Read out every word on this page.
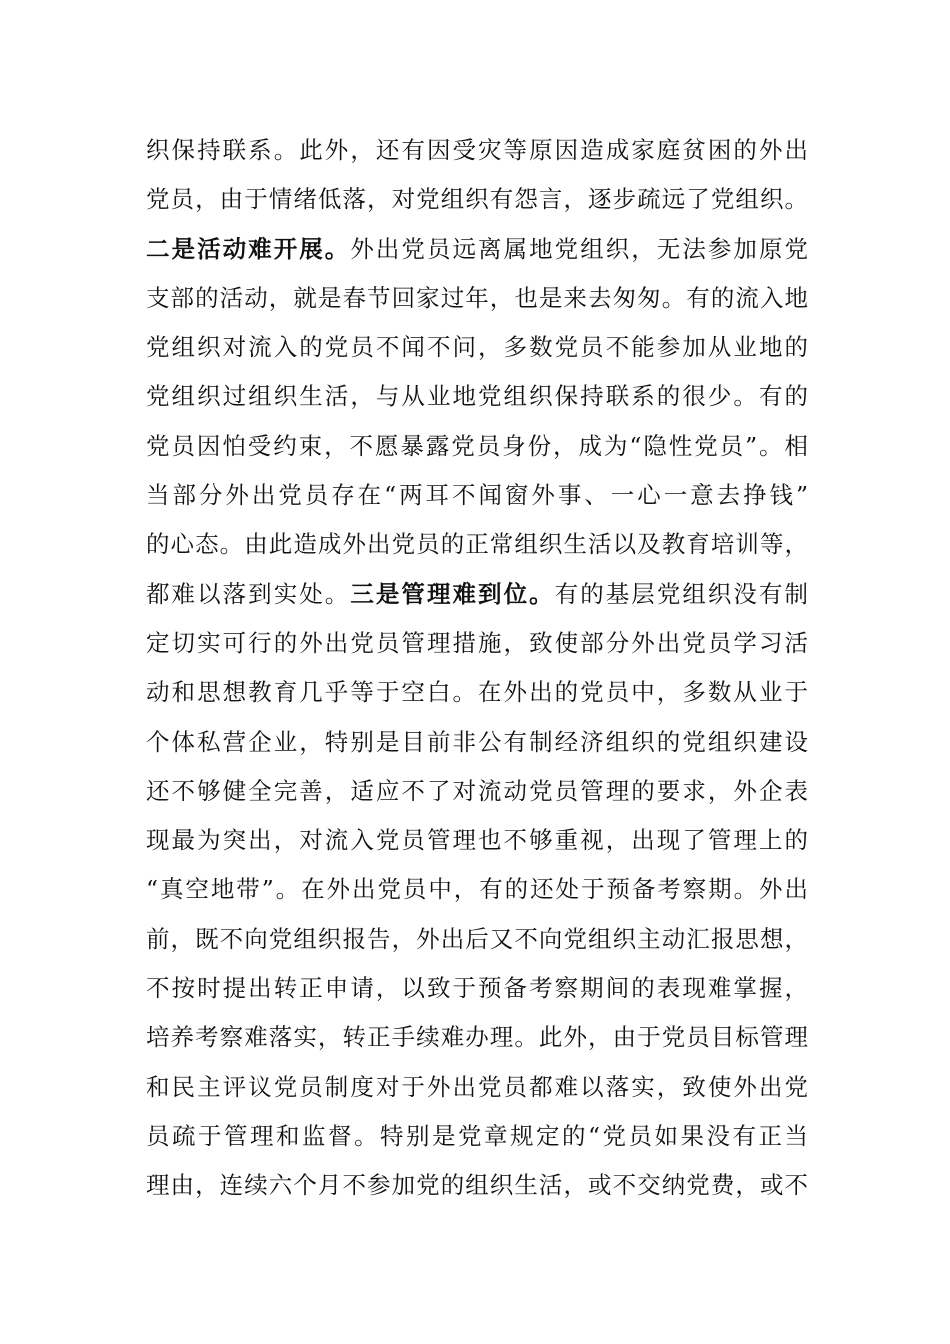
织保持联系。此外，还有因受灾等原因造成家庭贫困的外出
党员，由于情绪低落，对党组织有怨言，逐步疏远了党组织。
二是活动难开展。外出党员远离属地党组织，无法参加原党
支部的活动，就是春节回家过年，也是来去匆匆。有的流入地
党组织对流入的党员不闻不问，多数党员不能参加从业地的
党组织过组织生活，与从业地党组织保持联系的很少。有的
党员因怕受约束，不愿暴露党员身份，成为“隐性党员”。相
当部分外出党员存在“两耳不闻窗外事、一心一意去挣钱”
的心态。由此造成外出党员的正常组织生活以及教育培训等，
都难以落到实处。三是管理难到位。有的基层党组织没有制
定切实可行的外出党员管理措施，致使部分外出党员学习活
动和思想教育几乎等于空白。在外出的党员中，多数从业于
个体私营企业，特别是目前非公有制经济组织的党组织建设
还不够健全完善，适应不了对流动党员管理的要求，外企表
现最为突出，对流入党员管理也不够重视，出现了管理上的
“真空地带”。在外出党员中，有的还处于预备考察期。外出
前，既不向党组织报告，外出后又不向党组织主动汇报思想，
不按时提出转正申请，以致于预备考察期间的表现难掌握，
培养考察难落实，转正手续难办理。此外，由于党员目标管理
和民主评议党员制度对于外出党员都难以落实，致使外出党
员疏于管理和监督。特别是党章规定的“党员如果没有正当
理由，连续六个月不参加党的组织生活，或不交纳党费，或不
